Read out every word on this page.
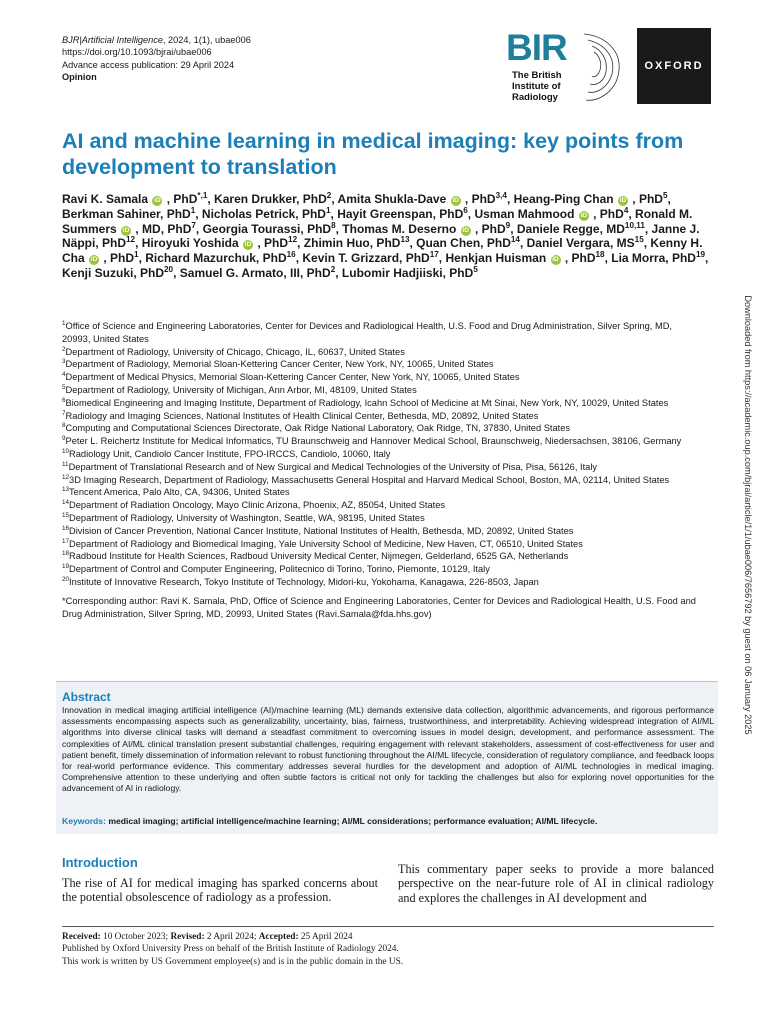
BJR|Artificial Intelligence, 2024, 1(1), ubae006
https://doi.org/10.1093/bjrai/ubae006
Advance access publication: 29 April 2024
Opinion
BIR
The British
Institute of
Radiology
OXFORD
AI and machine learning in medical imaging: key points from development to translation
Ravi K. Samala iD , PhD$^{*,1}$, Karen Drukker, PhD$^2$, Amita Shukla-Dave iD , PhD$^{3,4}$, Heang-Ping Chan iD , PhD$^5$, Berkman Sahiner, PhD$^1$, Nicholas Petrick, PhD$^1$, Hayit Greenspan, PhD$^6$, Usman Mahmood iD , PhD$^4$, Ronald M. Summers iD , MD, PhD$^7$, Georgia Tourassi, PhD$^8$, Thomas M. Deserno iD , PhD$^9$, Daniele Regge, MD$^{10,11}$, Janne J. Näppi, PhD$^{12}$, Hiroyuki Yoshida iD , PhD$^{12}$, Zhimin Huo, PhD$^{13}$, Quan Chen, PhD$^{14}$, Daniel Vergara, MS$^{15}$, Kenny H. Cha iD , PhD$^1$, Richard Mazurchuk, PhD$^{16}$, Kevin T. Grizzard, PhD$^{17}$, Henkjan Huisman iD , PhD$^{18}$, Lia Morra, PhD$^{19}$, Kenji Suzuki, PhD$^{20}$, Samuel G. Armato, III, PhD$^2$, Lubomir Hadjiiski, PhD$^5$

$^1$Office of Science and Engineering Laboratories, Center for Devices and Radiological Health, U.S. Food and Drug Administration, Silver Spring, MD, 20993, United States

$^2$Department of Radiology, University of Chicago, Chicago, IL, 60637, United States

$^3$Department of Radiology, Memorial Sloan-Kettering Cancer Center, New York, NY, 10065, United States

$^4$Department of Medical Physics, Memorial Sloan-Kettering Cancer Center, New York, NY, 10065, United States

$^5$Department of Radiology, University of Michigan, Ann Arbor, MI, 48109, United States

$^6$Biomedical Engineering and Imaging Institute, Department of Radiology, Icahn School of Medicine at Mt Sinai, New York, NY, 10029, United States

$^7$Radiology and Imaging Sciences, National Institutes of Health Clinical Center, Bethesda, MD, 20892, United States

$^8$Computing and Computational Sciences Directorate, Oak Ridge National Laboratory, Oak Ridge, TN, 37830, United States

$^9$Peter L. Reichertz Institute for Medical Informatics, TU Braunschweig and Hannover Medical School, Braunschweig, Niedersachsen, 38106, Germany

$^{10}$Radiology Unit, Candiolo Cancer Institute, FPO-IRCCS, Candiolo, 10060, Italy

$^{11}$Department of Translational Research and of New Surgical and Medical Technologies of the University of Pisa, Pisa, 56126, Italy

$^{12}$3D Imaging Research, Department of Radiology, Massachusetts General Hospital and Harvard Medical School, Boston, MA, 02114, United States

$^{13}$Tencent America, Palo Alto, CA, 94306, United States

$^{14}$Department of Radiation Oncology, Mayo Clinic Arizona, Phoenix, AZ, 85054, United States

$^{15}$Department of Radiology, University of Washington, Seattle, WA, 98195, United States

$^{16}$Division of Cancer Prevention, National Cancer Institute, National Institutes of Health, Bethesda, MD, 20892, United States

$^{17}$Department of Radiology and Biomedical Imaging, Yale University School of Medicine, New Haven, CT, 06510, United States

$^{18}$Radboud Institute for Health Sciences, Radboud University Medical Center, Nijmegen, Gelderland, 6525 GA, Netherlands

$^{19}$Department of Control and Computer Engineering, Politecnico di Torino, Torino, Piemonte, 10129, Italy

$^{20}$Institute of Innovative Research, Tokyo Institute of Technology, Midori-ku, Yokohama, Kanagawa, 226-8503, Japan

*Corresponding author: Ravi K. Samala, PhD, Office of Science and Engineering Laboratories, Center for Devices and Radiological Health, U.S. Food and Drug Administration, Silver Spring, MD, 20993, United States (Ravi.Samala@fda.hhs.gov)	Downloaded from https://academic.oup.com/bjrai/article/1/1/ubae006/7656792 by guest on 06 January 2025
Abstract
Innovation in medical imaging artificial intelligence (AI)/machine learning (ML) demands extensive data collection, algorithmic advancements, and rigorous performance assessments encompassing aspects such as generalizability, uncertainty, bias, fairness, trustworthiness, and interpretability. Achieving widespread integration of AI/ML algorithms into diverse clinical tasks will demand a steadfast commitment to overcoming issues in model design, development, and performance assessment. The complexities of AI/ML clinical translation present substantial challenges, requiring engagement with relevant stakeholders, assessment of cost-effectiveness for user and patient benefit, timely dissemination of information relevant to robust functioning throughout the AI/ML lifecycle, consideration of regulatory compliance, and feedback loops for real-world performance evidence. This commentary addresses several hurdles for the development and adoption of AI/ML technologies in medical imaging. Comprehensive attention to these underlying and often subtle factors is critical not only for tackling the challenges but also for exploring novel opportunities for the advancement of AI in radiology.
Keywords: medical imaging; artificial intelligence/machine learning; AI/ML considerations; performance evaluation; AI/ML lifecycle.
Introduction
The rise of AI for medical imaging has sparked concerns about the potential obsolescence of radiology as a profession.
This commentary paper seeks to provide a more balanced perspective on the near-future role of AI in clinical radiology and explores the challenges in AI development and
Received: 10 October 2023; Revised: 2 April 2024; Accepted: 25 April 2024
Published by Oxford University Press on behalf of the British Institute of Radiology 2024.
This work is written by US Government employee(s) and is in the public domain in the US.
